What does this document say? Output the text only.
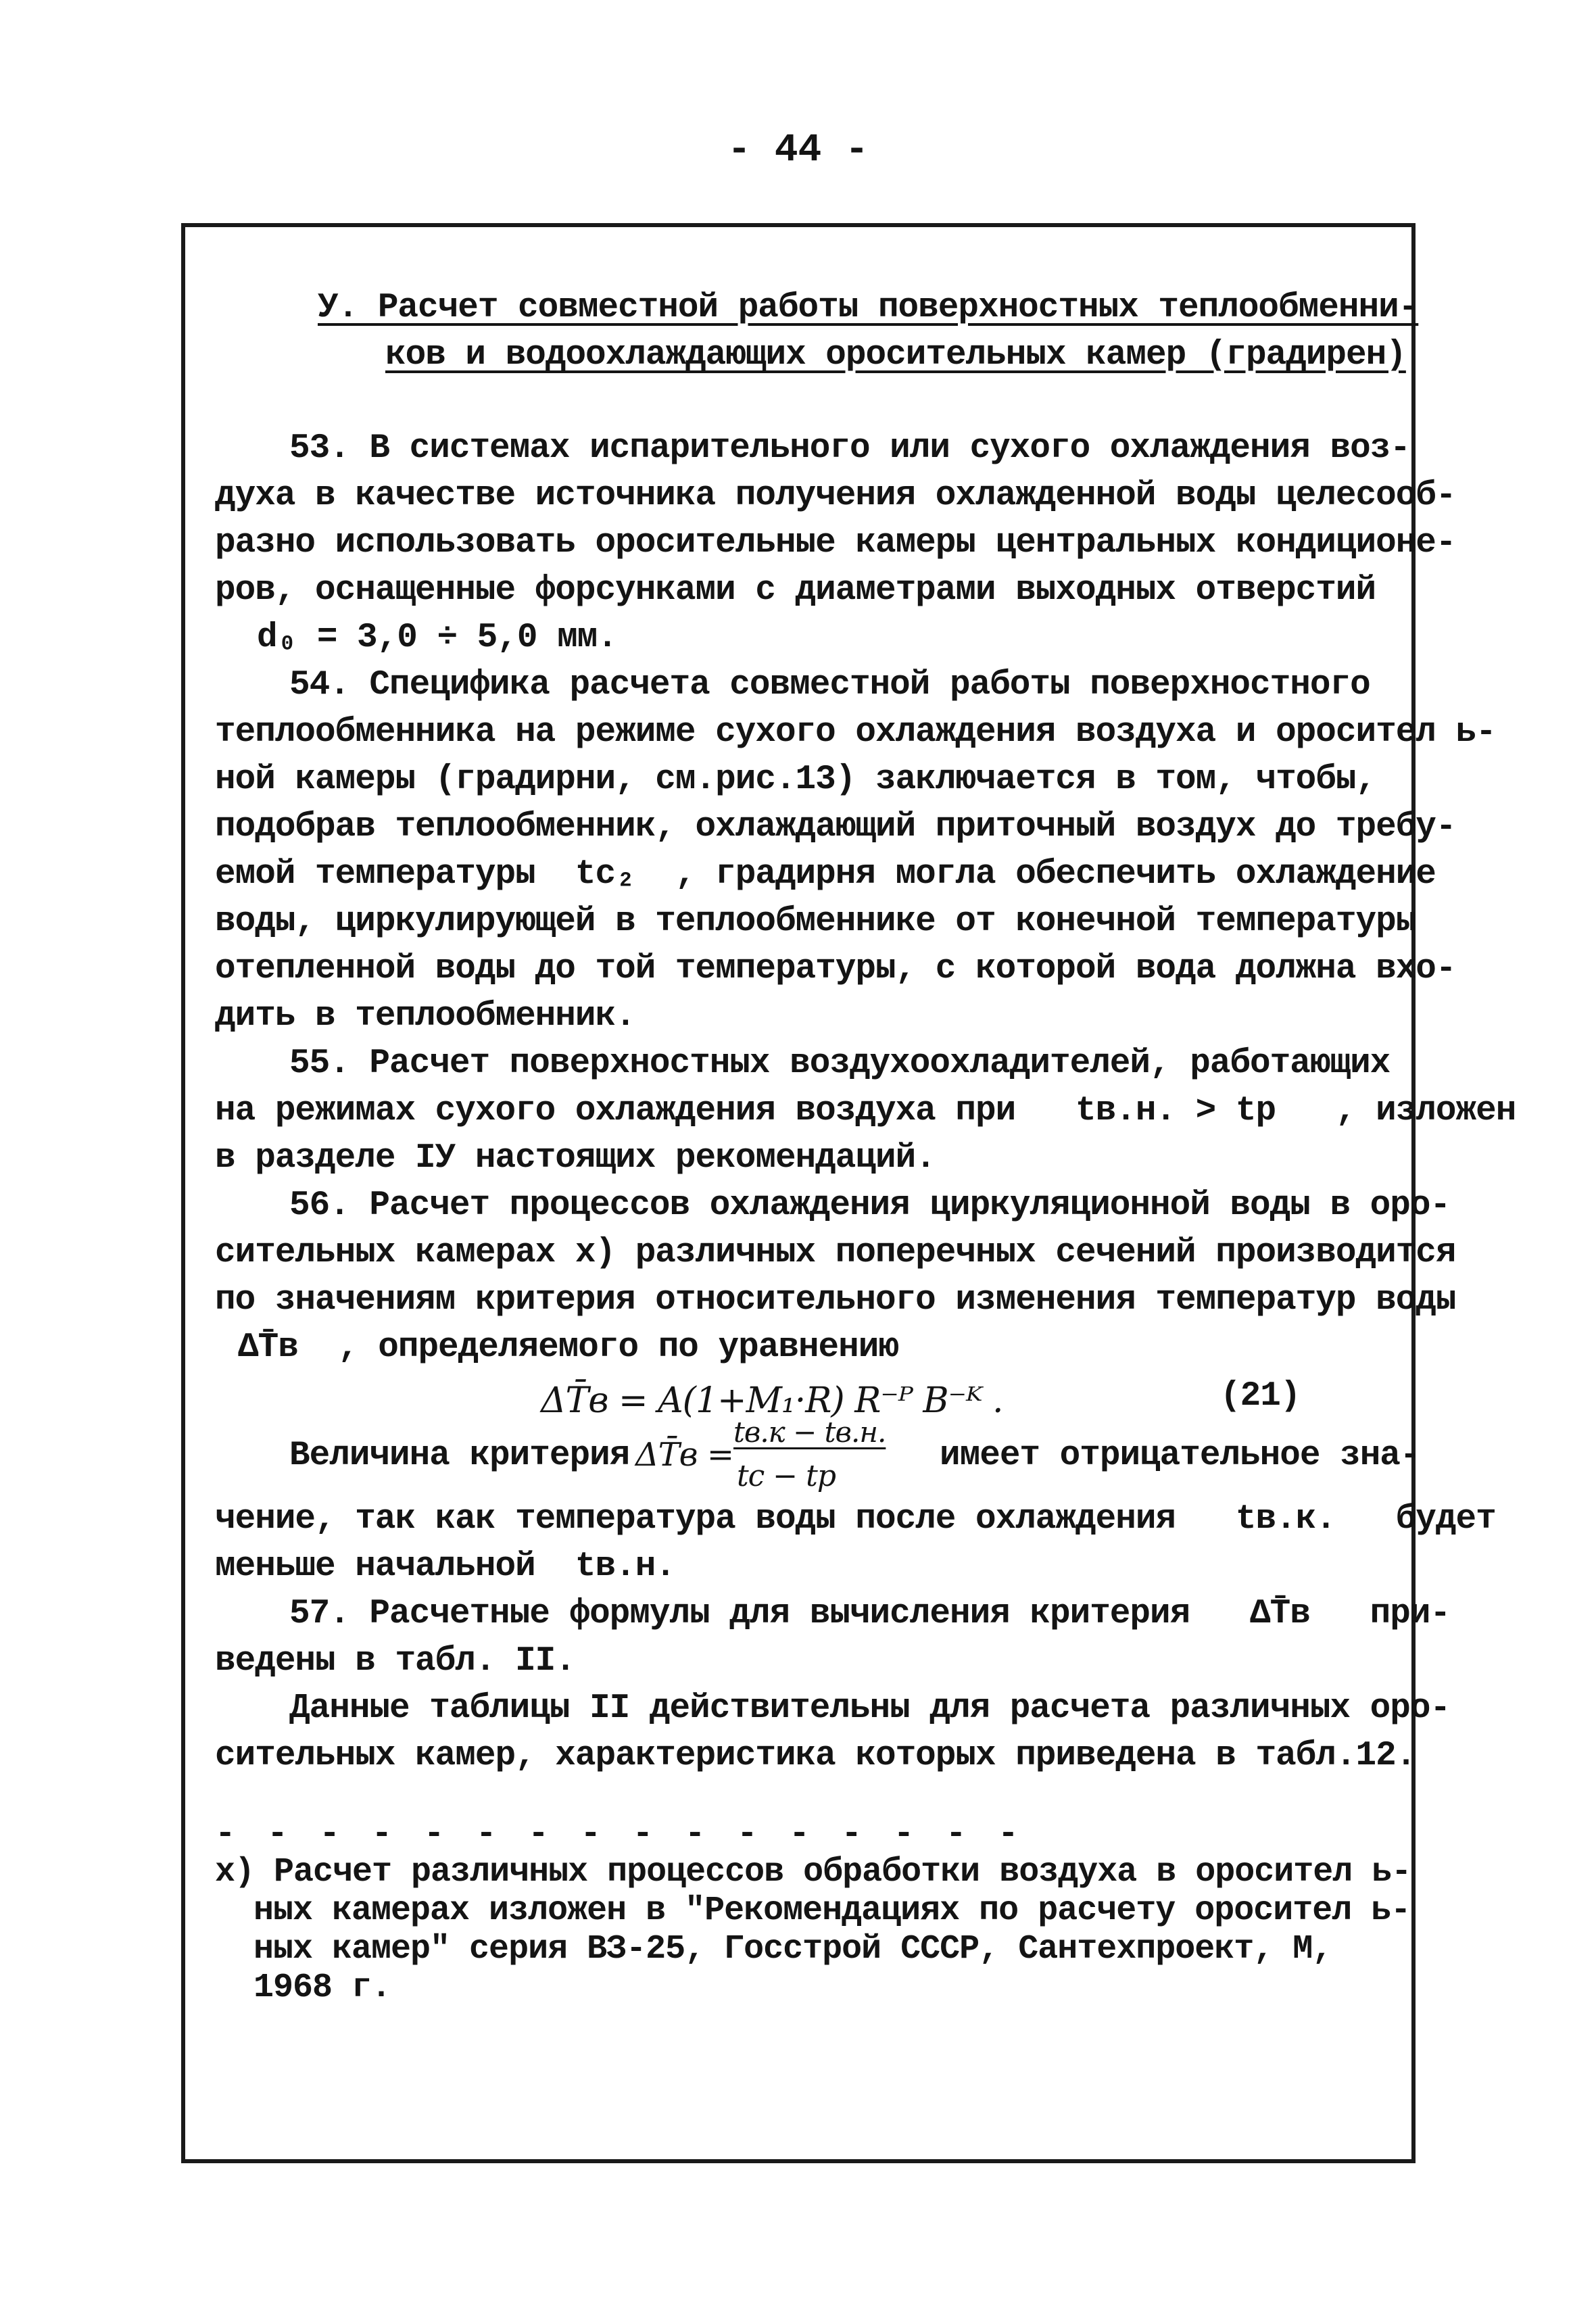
- 44 -
У. Расчет совместной работы поверхностных теплообменни-
ков и водоохлаждающих оросительных камер (градирен)
53. В системах испарительного или сухого охлаждения воз-
духа в качестве источника получения охлажденной воды целесооб-
разно использовать оросительные камеры центральных кондиционе-
ров, оснащенные форсунками с диаметрами выходных отверстий
d₀ = 3,0 ÷ 5,0 мм.
54. Специфика расчета совместной работы поверхностного
теплообменника на режиме сухого охлаждения воздуха и оросител ь-
ной камеры (градирни, см.рис.13) заключается в том, чтобы,
подобрав теплообменник, охлаждающий приточный воздух до требу-
емой температуры  tc₂  , градирня могла обеспечить охлаждение
воды, циркулирующей в теплообменнике от конечной температуры
отепленной воды до той температуры, с которой вода должна вхо-
дить в теплообменник.
55. Расчет поверхностных воздухоохладителей, работающих
на режимах сухого охлаждения воздуха при   tв.н. > tр   , изложен
в разделе IУ настоящих рекомендаций.
56. Расчет процессов охлаждения циркуляционной воды в оро-
сительных камерах х) различных поперечных сечений производится
по значениям критерия относительного изменения температур воды
ΔT̄в  , определяемого по уравнению
ΔT̄в = A(1+M₁·R) R⁻ᴾ B⁻ᴷ .	(21)
Величина критерия ΔT̄в =
tв.к − tв.н.
tс − tр
имеет отрицательное зна-
чение, так как температура воды после охлаждения   tв.к.   будет
меньше начальной  tв.н.
57. Расчетные формулы для вычисления критерия   ΔT̄в   при-
ведены в табл. II.
Данные таблицы II действительны для расчета различных оро-
сительных камер, характеристика которых приведена в табл.12.
- - - - - - - - - - - - - - - -
х) Расчет различных процессов обработки воздуха в оросител ь-
ных камерах изложен в "Рекомендациях по расчету оросител ь-
ных камер" серия ВЗ-25, Госстрой СССР, Сантехпроект, М,
1968 г.
